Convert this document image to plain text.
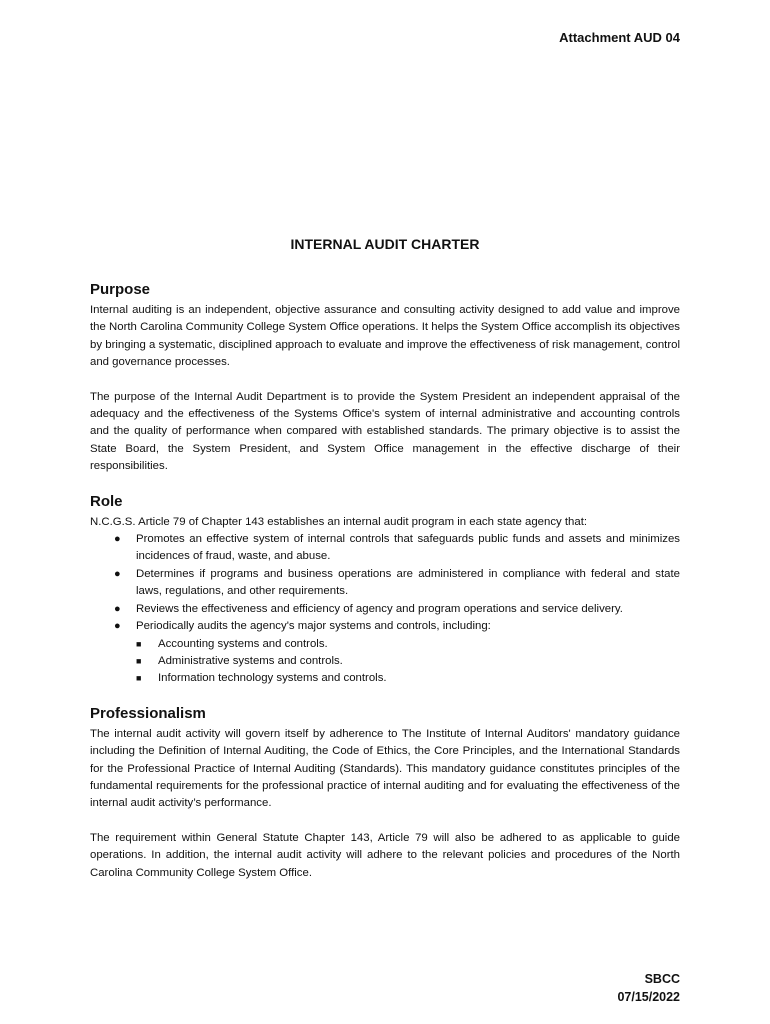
Attachment AUD 04
INTERNAL AUDIT CHARTER
Purpose

Internal auditing is an independent, objective assurance and consulting activity designed to add value and improve the North Carolina Community College System Office operations. It helps the System Office accomplish its objectives by bringing a systematic, disciplined approach to evaluate and improve the effectiveness of risk management, control and governance processes.

The purpose of the Internal Audit Department is to provide the System President an independent appraisal of the adequacy and the effectiveness of the Systems Office's system of internal administrative and accounting controls and the quality of performance when compared with established standards. The primary objective is to assist the State Board, the System President, and System Office management in the effective discharge of their responsibilities.

Role

N.C.G.S. Article 79 of Chapter 143 establishes an internal audit program in each state agency that:

● Promotes an effective system of internal controls that safeguards public funds and assets and minimizes incidences of fraud, waste, and abuse.
● Determines if programs and business operations are administered in compliance with federal and state laws, regulations, and other requirements.
● Reviews the effectiveness and efficiency of agency and program operations and service delivery.
● Periodically audits the agency's major systems and controls, including:
■ Accounting systems and controls.
■ Administrative systems and controls.
■ Information technology systems and controls.
Professionalism

The internal audit activity will govern itself by adherence to The Institute of Internal Auditors' mandatory guidance including the Definition of Internal Auditing, the Code of Ethics, the Core Principles, and the International Standards for the Professional Practice of Internal Auditing (Standards). This mandatory guidance constitutes principles of the fundamental requirements for the professional practice of internal auditing and for evaluating the effectiveness of the internal audit activity’s performance.

The requirement within General Statute Chapter 143, Article 79 will also be adhered to as applicable to guide operations. In addition, the internal audit activity will adhere to the relevant policies and procedures of the North Carolina Community College System Office.

SBCC
07/15/2022
